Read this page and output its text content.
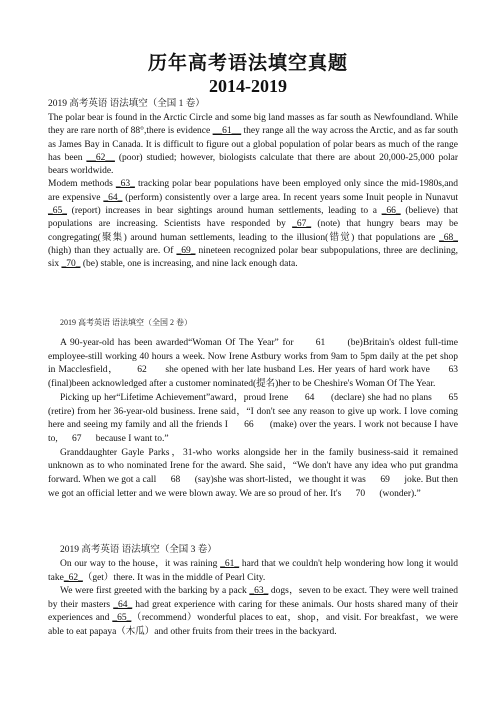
历年高考语法填空真题
2014-2019
2019 高考英语 语法填空（全国 1 卷）

The polar bear is found in the Arctic Circle and some big land masses as far south as Newfoundland. While they are rare north of 88°,there is evidence __61__ they range all the way across the Arctic, and as far south as James Bay in Canada. It is difficult to figure out a global population of polar bears as much of the range has been __62__ (poor) studied; however, biologists calculate that there are about 20,000-25,000 polar bears worldwide.

Modem methods _63_ tracking polar bear populations have been employed only since the mid-1980s,and are expensive _64_ (perform) consistently over a large area. In recent years some Inuit people in Nunavut _65_ (report) increases in bear sightings around human settlements, leading to a _66_ (believe) that populations are increasing. Scientists have responded by _67_ (note) that hungry bears may be congregating(聚集) around human settlements, leading to the illusion(错觉) that populations are _68_ (high) than they actually are. Of _69_ nineteen recognized polar bear subpopulations, three are declining, six _70_ (be) stable, one is increasing, and nine lack enough data.

2019 高考英语 语法填空（全国 2 卷）

A 90-year-old has been awarded“Woman Of The Year” for      61      (be)Britain's oldest full-time employee-still working 40 hours a week. Now Irene Astbury works from 9am to 5pm daily at the pet shop in Macclesfield，      62      she opened with her late husband Les. Her years of hard work have      63      (final)been acknowledged after a customer nominated(提名)her to be Cheshire's Woman Of The Year.

Picking up her“Lifetime Achievement”award，proud Irene      64      (declare) she had no plans      65      (retire) from her 36-year-old business. Irene said，“I don't see any reason to give up work. I love coming here and seeing my family and all the friends I      66      (make) over the years. I work not because I have to,      67      because I want to.”

Granddaughter Gayle Parks，31-who works alongside her in the family business-said it remained unknown as to who nominated Irene for the award. She said，“We don't have any idea who put grandma forward. When we got a call      68      (say)she was short-listed，we thought it was      69      joke. But then we got an official letter and we were blown away. We are so proud of her. It's      70      (wonder).”

2019 高考英语 语法填空（全国 3 卷）

On our way to the house，it was raining _61_ hard that we couldn't help wondering how long it would take_62_（get）there. It was in the middle of Pearl City.

We were first greeted with the barking by a pack _63_ dogs，seven to be exact. They were well trained by their masters _64_ had great experience with caring for these animals. Our hosts shared many of their experiences and _65_（recommend）wonderful places to eat，shop，and visit. For breakfast，we were able to eat papaya（木瓜）and other fruits from their trees in the backyard.
